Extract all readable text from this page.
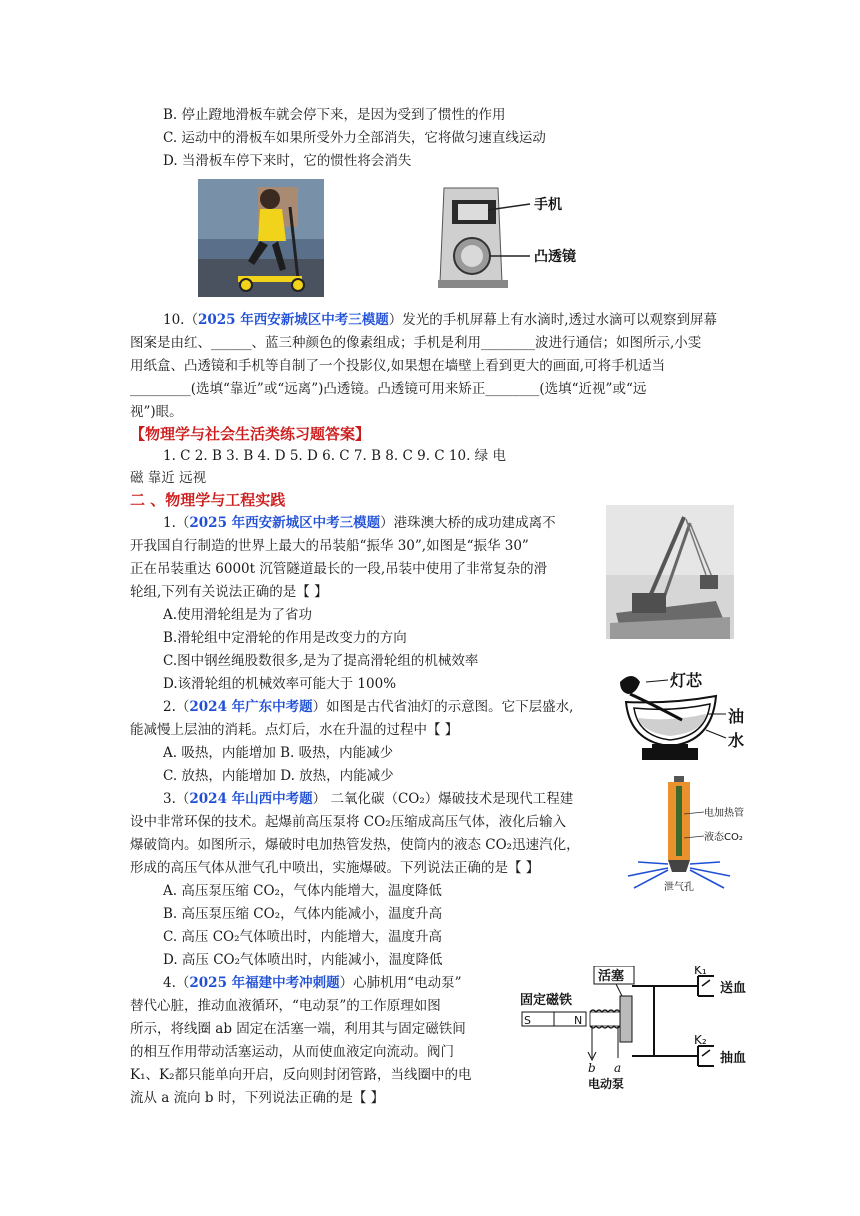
B. 停止蹬地滑板车就会停下来，是因为受到了惯性的作用
C. 运动中的滑板车如果所受外力全部消失，它将做匀速直线运动
D. 当滑板车停下来时，它的惯性将会消失
手机
凸透镜
10.（2025 年西安新城区中考三模题）发光的手机屏幕上有水滴时,透过水滴可以观察到屏幕
图案是由红、______、蓝三种颜色的像素组成；手机是利用________波进行通信；如图所示,小雯
用纸盒、凸透镜和手机等自制了一个投影仪,如果想在墙壁上看到更大的画面,可将手机适当
_________(选填“靠近”或“远离”)凸透镜。凸透镜可用来矫正________(选填“近视”或“远
视”)眼。
【物理学与社会生活类练习题答案】
1. C 2. B 3. B 4. D 5. D 6. C 7. B 8. C 9. C 10. 绿 电
磁 靠近 远视
二 、物理学与工程实践
1.（2025 年西安新城区中考三模题）港珠澳大桥的成功建成离不
开我国自行制造的世界上最大的吊装船“振华 30”,如图是“振华 30”
正在吊装重达 6000t 沉管隧道最长的一段,吊装中使用了非常复杂的滑
轮组,下列有关说法正确的是【 】
A.使用滑轮组是为了省功
B.滑轮组中定滑轮的作用是改变力的方向
C.图中钢丝绳股数很多,是为了提高滑轮组的机械效率
D.该滑轮组的机械效率可能大于 100%
2.（2024 年广东中考题）如图是古代省油灯的示意图。它下层盛水,
能减慢上层油的消耗。点灯后，水在升温的过程中【 】
A. 吸热，内能增加 B. 吸热，内能减少
C. 放热，内能增加 D. 放热，内能减少
灯芯
油
水
3.（2024 年山西中考题） 二氧化碳（CO₂）爆破技术是现代工程建
设中非常环保的技术。起爆前高压泵将 CO₂压缩成高压气体，液化后输入
爆破筒内。如图所示，爆破时电加热管发热，使筒内的液态 CO₂迅速汽化，
形成的高压气体从泄气孔中喷出，实施爆破。下列说法正确的是【 】
A. 高压泵压缩 CO₂，气体内能增大，温度降低
B. 高压泵压缩 CO₂，气体内能减小，温度升高
C. 高压 CO₂气体喷出时，内能增大，温度升高
D. 高压 CO₂气体喷出时，内能减小，温度降低
电加热管
液态CO₂
泄气孔
4.（2025 年福建中考冲刺题）心肺机用“电动泵”
替代心脏，推动血液循环，“电动泵”的工作原理如图
所示，将线圈 ab 固定在活塞一端，利用其与固定磁铁间
的相互作用带动活塞运动，从而使血液定向流动。阀门
K₁、K₂都只能单向开启，反向则封闭管路，当线圈中的电
流从 a 流向 b 时，下列说法正确的是【 】
固定磁铁
活塞
S	N
K₁
K₂
送血
抽血
b a
电动泵
